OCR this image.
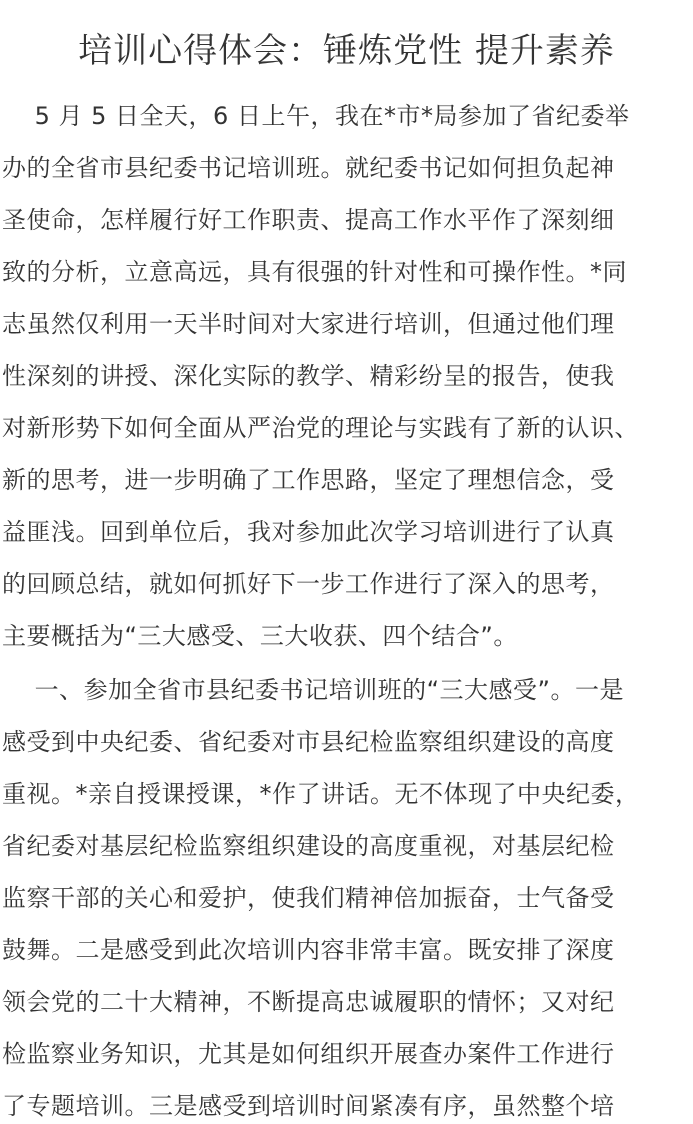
培训心得体会：锤炼党性 提升素养
　 5 月 5 日全天，6 日上午，我在*市*局参加了省纪委举
办的全省市县纪委书记培训班。就纪委书记如何担负起神
圣使命，怎样履行好工作职责、提高工作水平作了深刻细
致的分析，立意高远，具有很强的针对性和可操作性。*同
志虽然仅利用一天半时间对大家进行培训，但通过他们理
性深刻的讲授、深化实际的教学、精彩纷呈的报告，使我
对新形势下如何全面从严治党的理论与实践有了新的认识、
新的思考，进一步明确了工作思路，坚定了理想信念，受
益匪浅。回到单位后，我对参加此次学习培训进行了认真
的回顾总结，就如何抓好下一步工作进行了深入的思考，
主要概括为“三大感受、三大收获、四个结合”。
　 一、参加全省市县纪委书记培训班的“三大感受”。一是
感受到中央纪委、省纪委对市县纪检监察组织建设的高度
重视。*亲自授课授课，*作了讲话。无不体现了中央纪委，
省纪委对基层纪检监察组织建设的高度重视，对基层纪检
监察干部的关心和爱护，使我们精神倍加振奋，士气备受
鼓舞。二是感受到此次培训内容非常丰富。既安排了深度
领会党的二十大精神，不断提高忠诚履职的情怀；又对纪
检监察业务知识，尤其是如何组织开展查办案件工作进行
了专题培训。三是感受到培训时间紧凑有序，虽然整个培
